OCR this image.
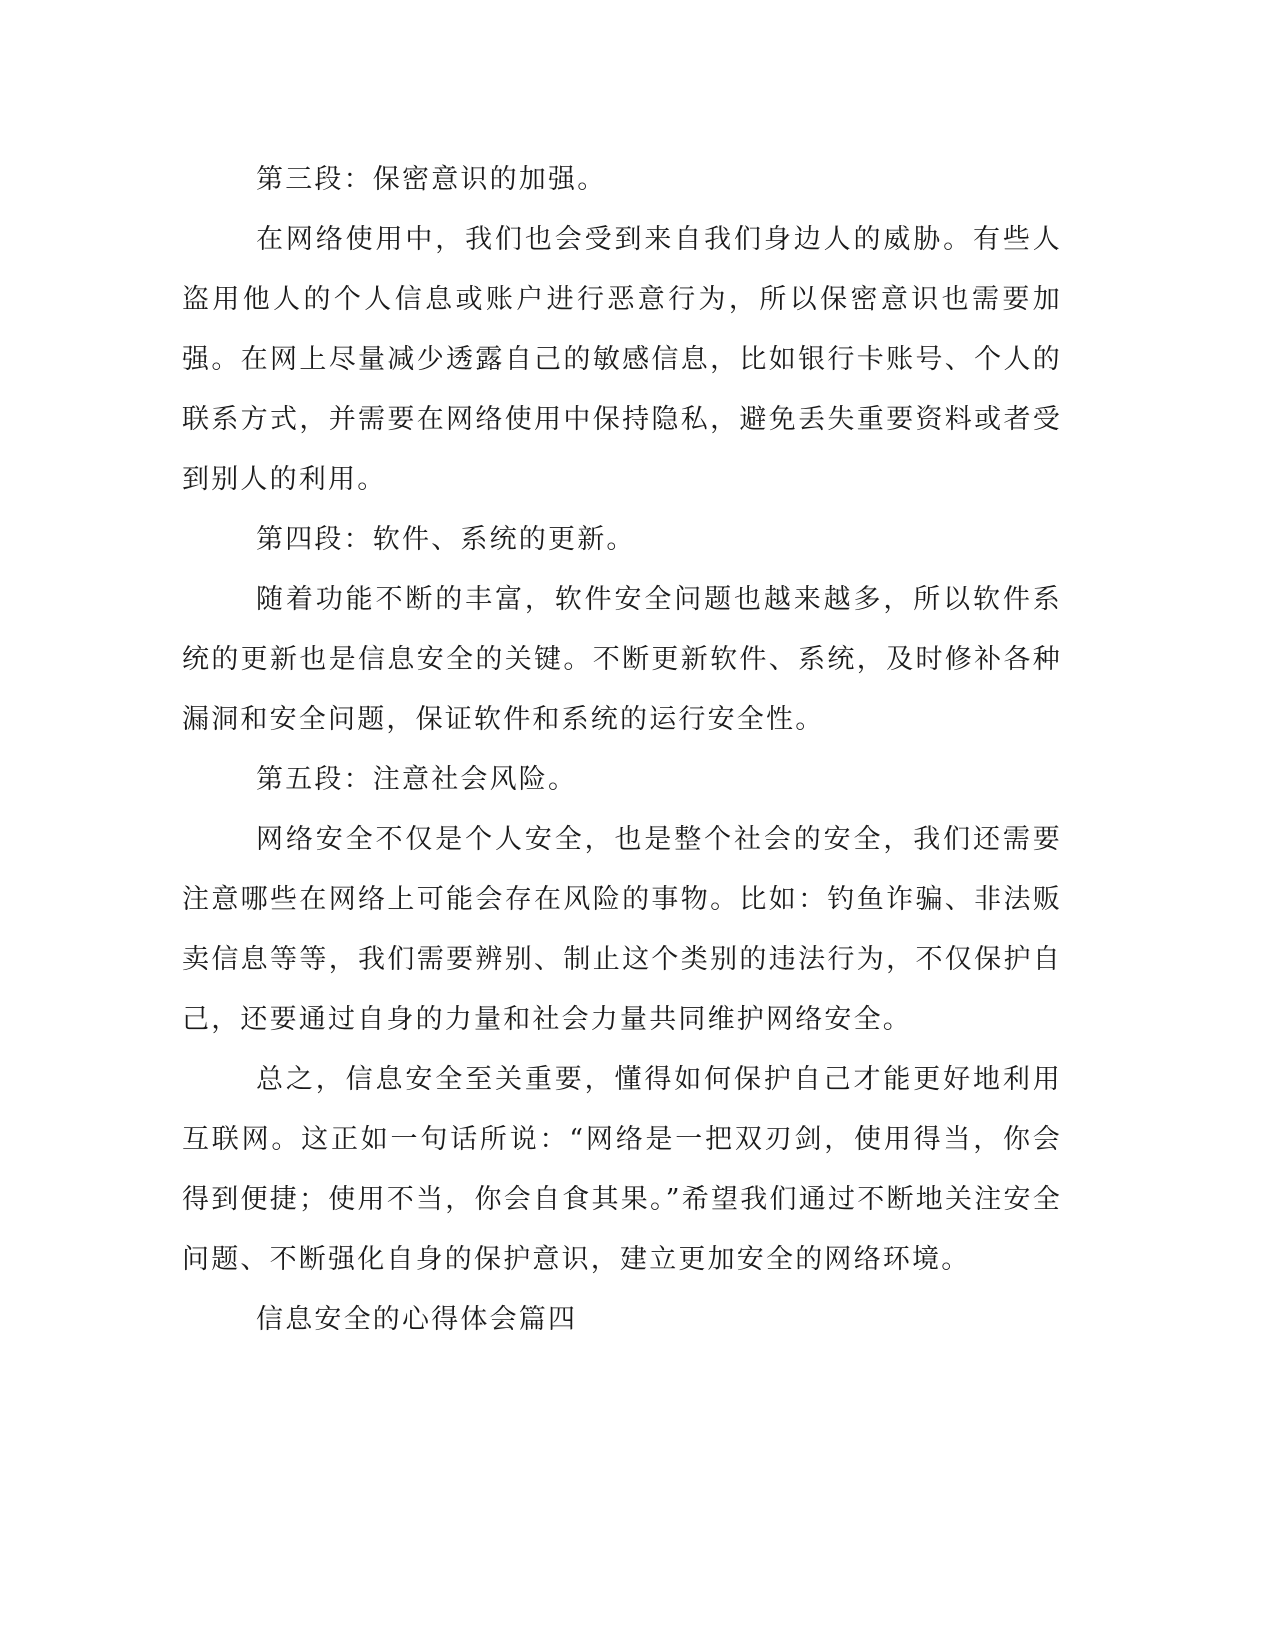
第三段：保密意识的加强。

在网络使用中，我们也会受到来自我们身边人的威胁。有些人盗用他人的个人信息或账户进行恶意行为，所以保密意识也需要加强。在网上尽量减少透露自己的敏感信息，比如银行卡账号、个人的联系方式，并需要在网络使用中保持隐私，避免丢失重要资料或者受到别人的利用。

第四段：软件、系统的更新。

随着功能不断的丰富，软件安全问题也越来越多，所以软件系统的更新也是信息安全的关键。不断更新软件、系统，及时修补各种漏洞和安全问题，保证软件和系统的运行安全性。

第五段：注意社会风险。

网络安全不仅是个人安全，也是整个社会的安全，我们还需要注意哪些在网络上可能会存在风险的事物。比如：钓鱼诈骗、非法贩卖信息等等，我们需要辨别、制止这个类别的违法行为，不仅保护自己，还要通过自身的力量和社会力量共同维护网络安全。

总之，信息安全至关重要，懂得如何保护自己才能更好地利用互联网。这正如一句话所说：“网络是一把双刃剑，使用得当，你会得到便捷；使用不当，你会自食其果。”希望我们通过不断地关注安全问题、不断强化自身的保护意识，建立更加安全的网络环境。

信息安全的心得体会篇四
